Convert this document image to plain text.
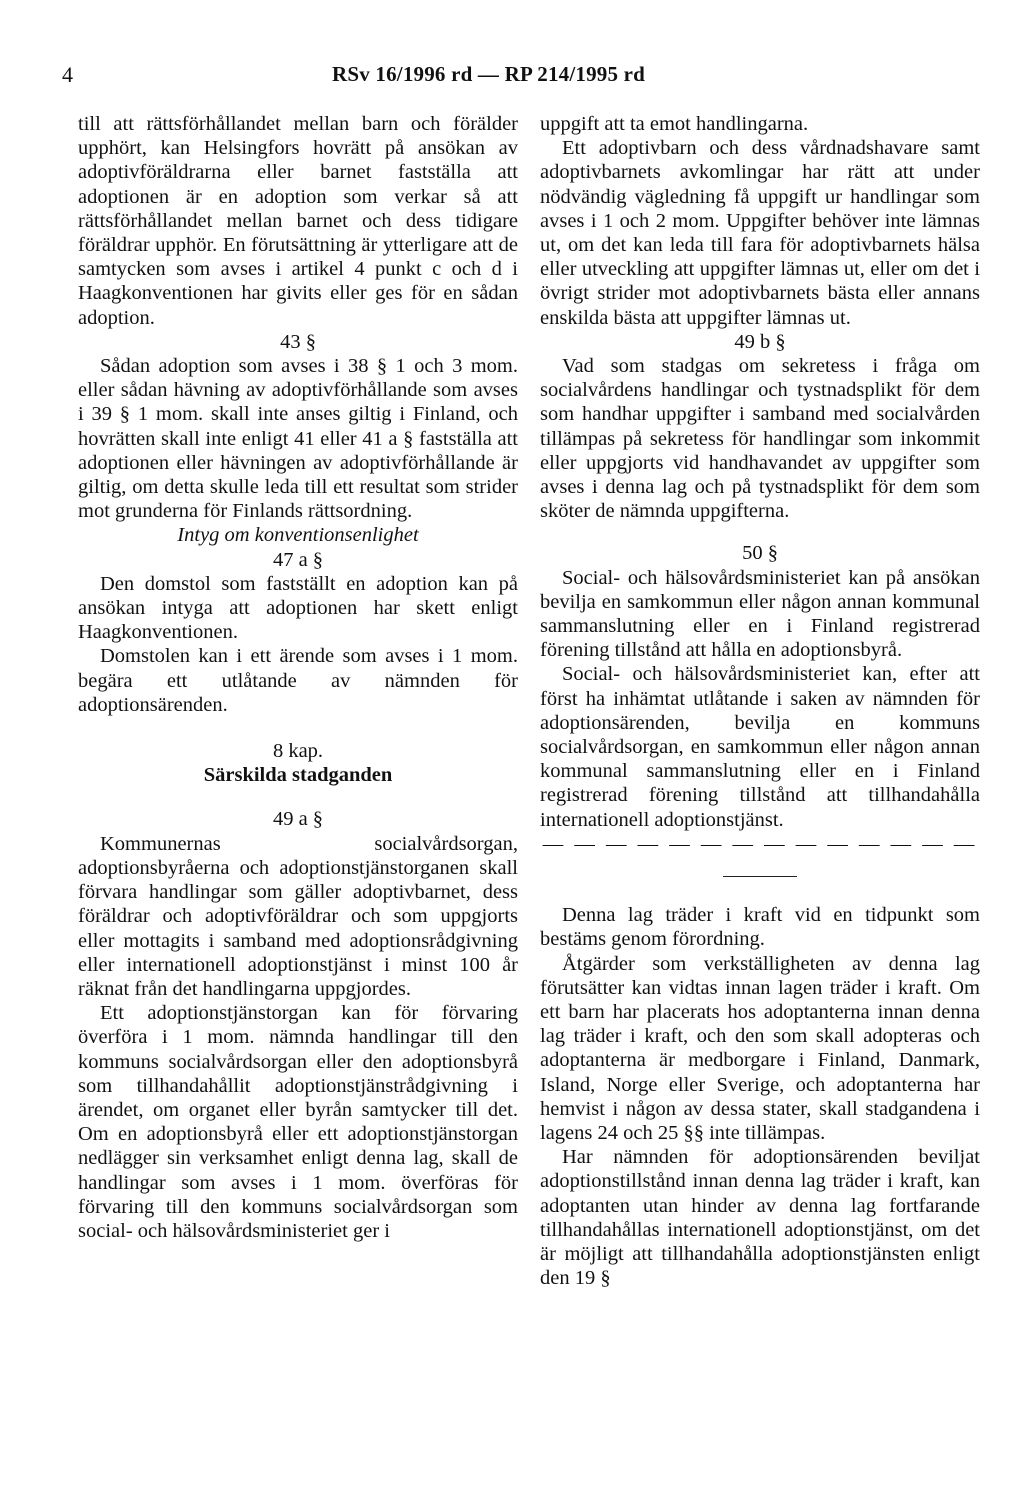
4	RSv 16/1996 rd — RP 214/1995 rd

till att rättsförhållandet mellan barn och förälder upphört, kan Helsingfors hovrätt på ansökan av adoptivföräldrarna eller barnet fastställa att adoptionen är en adoption som verkar så att rättsförhållandet mellan barnet och dess tidigare föräldrar upphör. En förutsättning är ytterligare att de samtycken som avses i artikel 4 punkt c och d i Haagkonventionen har givits eller ges för en sådan adoption.

43 §

Sådan adoption som avses i 38 § 1 och 3 mom. eller sådan hävning av adoptivförhållande som avses i 39 § 1 mom. skall inte anses giltig i Finland, och hovrätten skall inte enligt 41 eller 41 a § fastställa att adoptionen eller hävningen av adoptivförhållande är giltig, om detta skulle leda till ett resultat som strider mot grunderna för Finlands rättsordning.

Intyg om konventionsenlighet

47 a §

Den domstol som fastställt en adoption kan på ansökan intyga att adoptionen har skett enligt Haagkonventionen.

Domstolen kan i ett ärende som avses i 1 mom. begära ett utlåtande av nämnden för adoptionsärenden.

8 kap.

Särskilda stadganden

49 a §

Kommunernas socialvårdsorgan, adoptionsbyråerna och adoptionstjänstorganen skall förvara handlingar som gäller adoptivbarnet, dess föräldrar och adoptivföräldrar och som uppgjorts eller mottagits i samband med adoptionsrådgivning eller internationell adoptionstjänst i minst 100 år räknat från det handlingarna uppgjordes.

Ett adoptionstjänstorgan kan för förvaring överföra i 1 mom. nämnda handlingar till den kommuns socialvårdsorgan eller den adoptionsbyrå som tillhandahållit adoptionstjänstrådgivning i ärendet, om organet eller byrån samtycker till det. Om en adoptionsbyrå eller ett adoptionstjänstorgan nedlägger sin verksamhet enligt denna lag, skall de handlingar som avses i 1 mom. överföras för förvaring till den kommuns socialvårdsorgan som social- och hälsovårdsministeriet ger i

uppgift att ta emot handlingarna.

Ett adoptivbarn och dess vårdnadshavare samt adoptivbarnets avkomlingar har rätt att under nödvändig vägledning få uppgift ur handlingar som avses i 1 och 2 mom. Uppgifter behöver inte lämnas ut, om det kan leda till fara för adoptivbarnets hälsa eller utveckling att uppgifter lämnas ut, eller om det i övrigt strider mot adoptivbarnets bästa eller annans enskilda bästa att uppgifter lämnas ut.

49 b §

Vad som stadgas om sekretess i fråga om socialvårdens handlingar och tystnadsplikt för dem som handhar uppgifter i samband med socialvården tillämpas på sekretess för handlingar som inkommit eller uppgjorts vid handhavandet av uppgifter som avses i denna lag och på tystnadsplikt för dem som sköter de nämnda uppgifterna.

50 §

Social- och hälsovårdsministeriet kan på ansökan bevilja en samkommun eller någon annan kommunal sammanslutning eller en i Finland registrerad förening tillstånd att hålla en adoptionsbyrå.

Social- och hälsovårdsministeriet kan, efter att först ha inhämtat utlåtande i saken av nämnden för adoptionsärenden, bevilja en kommuns socialvårdsorgan, en samkommun eller någon annan kommunal sammanslutning eller en i Finland registrerad förening tillstånd att tillhandahålla internationell adoptionstjänst.

— — — — — — — — — — — — — —

Denna lag träder i kraft vid en tidpunkt som bestäms genom förordning.

Åtgärder som verkställigheten av denna lag förutsätter kan vidtas innan lagen träder i kraft. Om ett barn har placerats hos adoptanterna innan denna lag träder i kraft, och den som skall adopteras och adoptanterna är medborgare i Finland, Danmark, Island, Norge eller Sverige, och adoptanterna har hemvist i någon av dessa stater, skall stadgandena i lagens 24 och 25 §§ inte tillämpas.

Har nämnden för adoptionsärenden beviljat adoptionstillstånd innan denna lag träder i kraft, kan adoptanten utan hinder av denna lag fortfarande tillhandahållas internationell adoptionstjänst, om det är möjligt att tillhandahålla adoptionstjänsten enligt den 19 §
